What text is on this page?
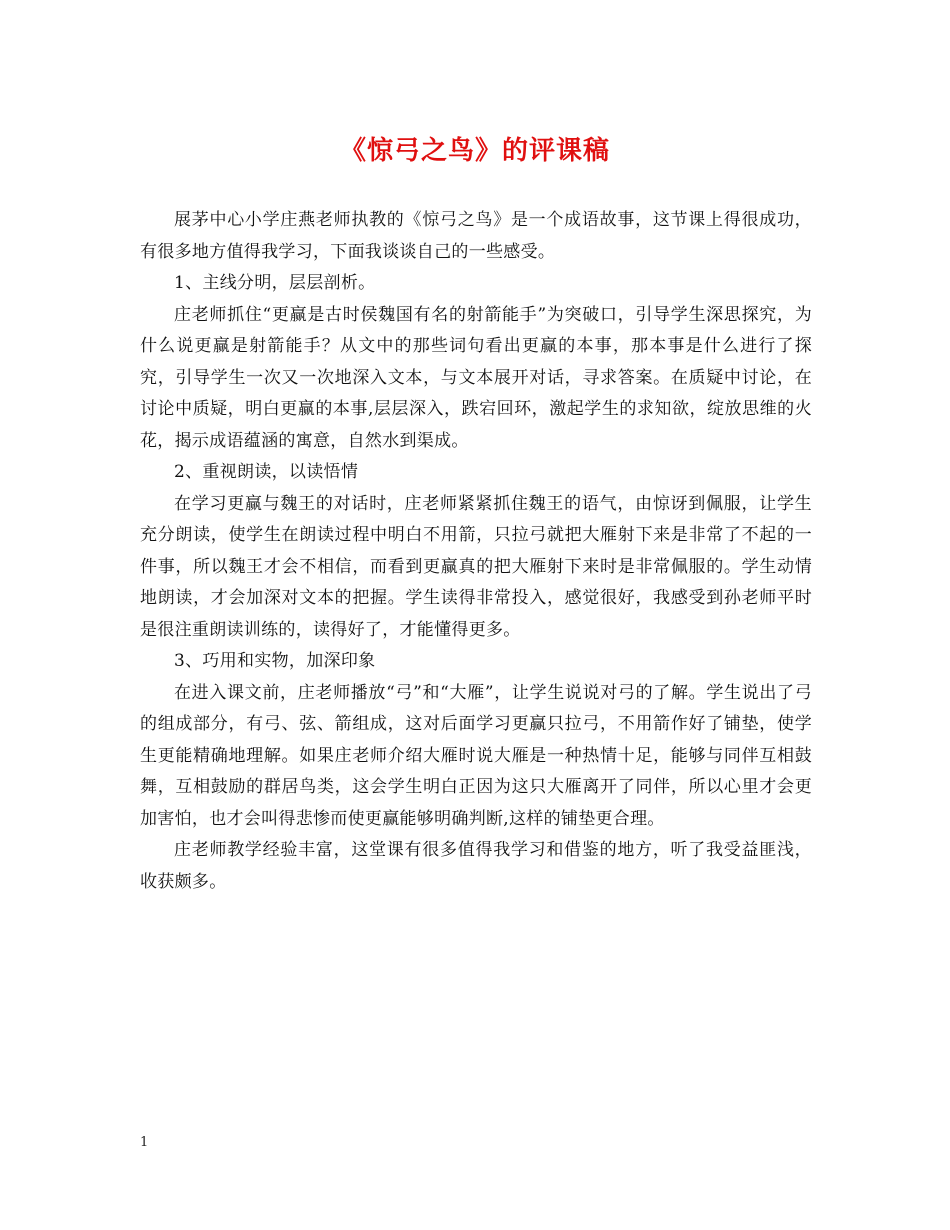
《惊弓之鸟》的评课稿

展茅中心小学庄燕老师执教的《惊弓之鸟》是一个成语故事，这节课上得很成功，有很多地方值得我学习，下面我谈谈自己的一些感受。

1、主线分明，层层剖析。

庄老师抓住“更赢是古时侯魏国有名的射箭能手”为突破口，引导学生深思探究，为什么说更赢是射箭能手？从文中的那些词句看出更赢的本事，那本事是什么进行了探究，引导学生一次又一次地深入文本，与文本展开对话，寻求答案。在质疑中讨论，在讨论中质疑，明白更赢的本事,层层深入，跌宕回环，激起学生的求知欲，绽放思维的火花，揭示成语蕴涵的寓意，自然水到渠成。

2、重视朗读，以读悟情

在学习更赢与魏王的对话时，庄老师紧紧抓住魏王的语气，由惊讶到佩服，让学生充分朗读，使学生在朗读过程中明白不用箭，只拉弓就把大雁射下来是非常了不起的一件事，所以魏王才会不相信，而看到更赢真的把大雁射下来时是非常佩服的。学生动情地朗读，才会加深对文本的把握。学生读得非常投入，感觉很好，我感受到孙老师平时是很注重朗读训练的，读得好了，才能懂得更多。

3、巧用和实物，加深印象

在进入课文前，庄老师播放“弓”和“大雁”，让学生说说对弓的了解。学生说出了弓的组成部分，有弓、弦、箭组成，这对后面学习更赢只拉弓，不用箭作好了铺垫，使学生更能精确地理解。如果庄老师介绍大雁时说大雁是一种热情十足，能够与同伴互相鼓舞，互相鼓励的群居鸟类，这会学生明白正因为这只大雁离开了同伴，所以心里才会更加害怕，也才会叫得悲惨而使更赢能够明确判断,这样的铺垫更合理。

庄老师教学经验丰富，这堂课有很多值得我学习和借鉴的地方，听了我受益匪浅，收获颇多。

1
